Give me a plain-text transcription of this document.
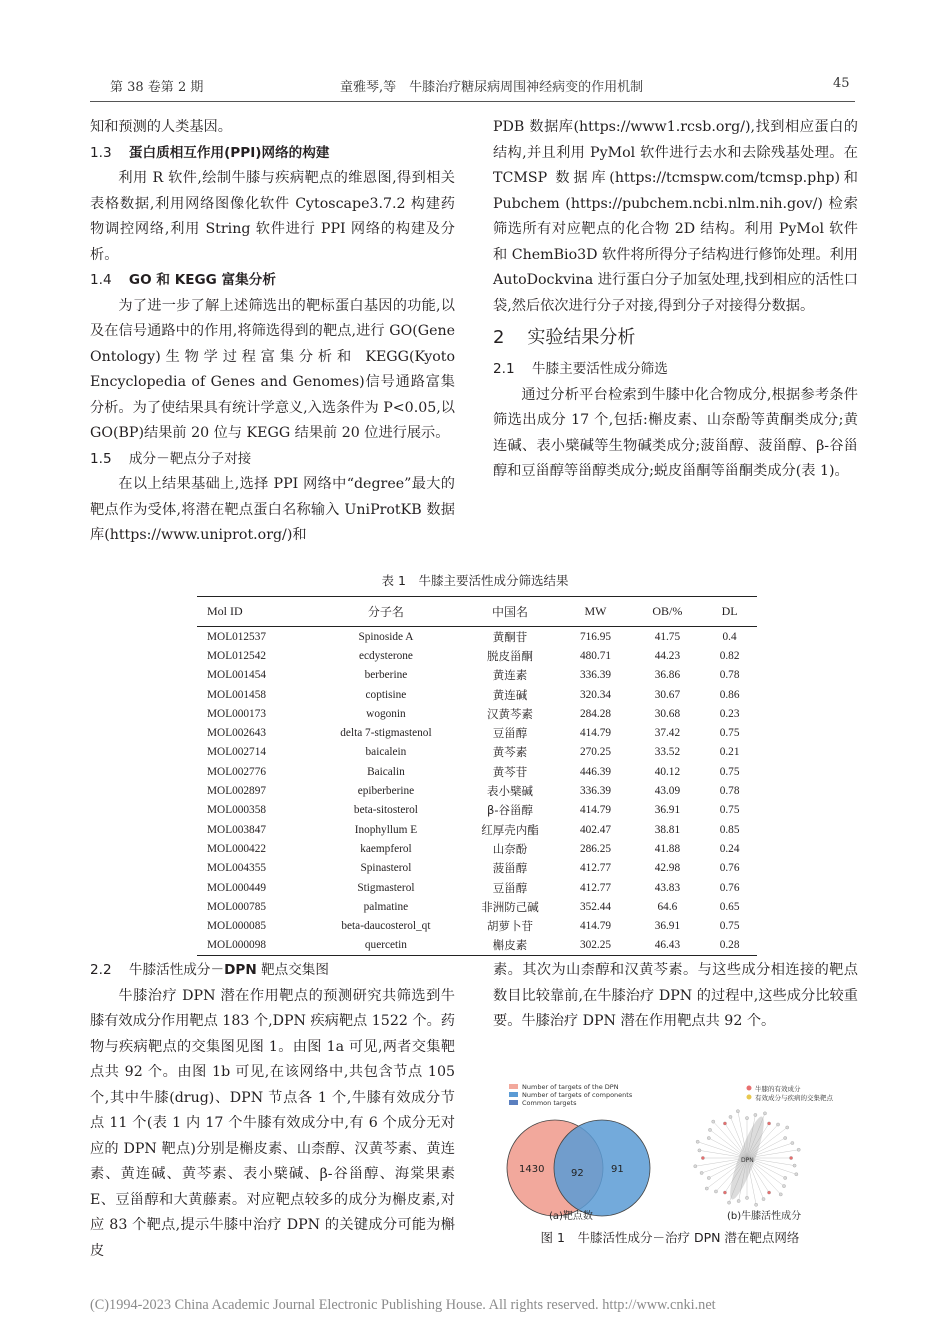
第 38 卷第 2 期	童雅琴,等　牛膝治疗糖尿病周围神经病变的作用机制	45

知和预测的人类基因。

1.3 蛋白质相互作用(PPI)网络的构建

利用 R 软件,绘制牛膝与疾病靶点的维恩图,得到相关表格数据,利用网络图像化软件 Cytoscape3.7.2 构建药物调控网络,利用 String 软件进行 PPI 网络的构建及分析。

1.4 GO 和 KEGG 富集分析

为了进一步了解上述筛选出的靶标蛋白基因的功能,以及在信号通路中的作用,将筛选得到的靶点,进行 GO(Gene Ontology)生物学过程富集分析和 KEGG(Kyoto Encyclopedia of Genes and Genomes)信号通路富集分析。为了使结果具有统计学意义,入选条件为 P<0.05,以 GO(BP)结果前 20 位与 KEGG 结果前 20 位进行展示。

1.5 成分－靶点分子对接

在以上结果基础上,选择 PPI 网络中“degree”最大的靶点作为受体,将潜在靶点蛋白名称输入 UniProtKB 数据库(https://www.uniprot.org/)和

PDB 数据库(https://www1.rcsb.org/),找到相应蛋白的结构,并且利用 PyMol 软件进行去水和去除残基处理。在 TCMSP 数据库(https://tcmspw.com/tcmsp.php)和 Pubchem (https://pubchem.ncbi.nlm.nih.gov/) 检索筛选所有对应靶点的化合物 2D 结构。利用 PyMol 软件和 ChemBio3D 软件将所得分子结构进行修饰处理。利用 AutoDockvina 进行蛋白分子加氢处理,找到相应的活性口袋,然后依次进行分子对接,得到分子对接得分数据。

2 实验结果分析

2.1 牛膝主要活性成分筛选

通过分析平台检索到牛膝中化合物成分,根据参考条件筛选出成分 17 个,包括:槲皮素、山奈酚等黄酮类成分;黄连碱、表小檗碱等生物碱类成分;菠甾醇、菠甾醇、β-谷甾醇和豆甾醇等甾醇类成分;蜕皮甾酮等甾酮类成分(表 1)。

表 1　牛膝主要活性成分筛选结果
Mol ID	分子名	中国名	MW	OB/%	DL
MOL012537	Spinoside A	黄酮苷	716.95	41.75	0.4
MOL012542	ecdysterone	脱皮甾酮	480.71	44.23	0.82
MOL001454	berberine	黄连素	336.39	36.86	0.78
MOL001458	coptisine	黄连碱	320.34	30.67	0.86
MOL000173	wogonin	汉黄芩素	284.28	30.68	0.23
MOL002643	delta 7-stigmastenol	豆甾醇	414.79	37.42	0.75
MOL002714	baicalein	黄芩素	270.25	33.52	0.21
MOL002776	Baicalin	黄芩苷	446.39	40.12	0.75
MOL002897	epiberberine	表小檗碱	336.39	43.09	0.78
MOL000358	beta-sitosterol	β-谷甾醇	414.79	36.91	0.75
MOL003847	Inophyllum E	红厚壳内酯	402.47	38.81	0.85
MOL000422	kaempferol	山奈酚	286.25	41.88	0.24
MOL004355	Spinasterol	菠甾醇	412.77	42.98	0.76
MOL000449	Stigmasterol	豆甾醇	412.77	43.83	0.76
MOL000785	palmatine	非洲防己碱	352.44	64.6	0.65
MOL000085	beta-daucosterol_qt	胡萝卜苷	414.79	36.91	0.75
MOL000098	quercetin	槲皮素	302.25	46.43	0.28

2.2 牛膝活性成分－DPN 靶点交集图

牛膝治疗 DPN 潜在作用靶点的预测研究共筛选到牛膝有效成分作用靶点 183 个,DPN 疾病靶点 1522 个。药物与疾病靶点的交集图见图 1。由图 1a 可见,两者交集靶点共 92 个。由图 1b 可见,在该网络中,共包含节点 105 个,其中牛膝(drug)、DPN 节点各 1 个,牛膝有效成分节点 11 个(表 1 内 17 个牛膝有效成分中,有 6 个成分无对应的 DPN 靶点)分别是槲皮素、山柰醇、汉黄芩素、黄连素、黄连碱、黄芩素、表小檗碱、β-谷甾醇、海棠果素 E、豆甾醇和大黄藤素。对应靶点较多的成分为槲皮素,对应 83 个靶点,提示牛膝中治疗 DPN 的关键成分可能为槲皮

素。其次为山柰醇和汉黄芩素。与这些成分相连接的靶点数目比较靠前,在牛膝治疗 DPN 的过程中,这些成分比较重要。牛膝治疗 DPN 潜在作用靶点共 92 个。

Number of targets of the DPN
Number of targets of components
Common targets
1430	92	91
牛膝的有效成分
有效成分与疾病的交集靶点
DPN
(a)靶点数	(b)牛膝活性成分
图 1　牛膝活性成分－治疗 DPN 潜在靶点网络
(C)1994-2023 China Academic Journal Electronic Publishing House. All rights reserved. http://www.cnki.net
